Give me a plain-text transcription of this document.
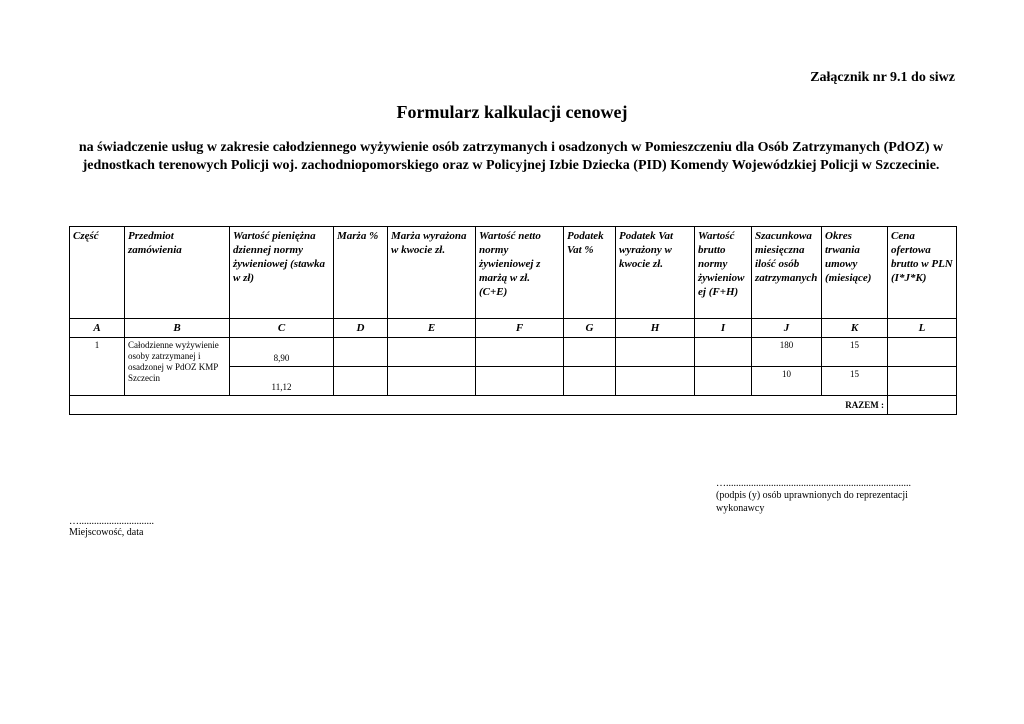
Załącznik nr 9.1 do siwz
Formularz kalkulacji cenowej
na świadczenie usług w zakresie całodziennego wyżywienie osób zatrzymanych i osadzonych w Pomieszczeniu dla Osób Zatrzymanych (PdOZ) w jednostkach terenowych Policji woj. zachodniopomorskiego oraz w Policyjnej Izbie Dziecka (PID) Komendy Wojewódzkiej Policji w Szczecinie.
Część	Przedmiot zamówienia	Wartość pieniężna dziennej normy żywieniowej (stawka w zł)	Marża %	Marża wyrażona w kwocie zł.	Wartość netto normy żywieniowej z marżą w zł. (C+E)	Podatek Vat %	Podatek Vat wyrażony w kwocie zł.	Wartość brutto normy żywieniowej (F+H)	Szacunkowa miesięczna ilość osób zatrzymanych	Okres trwania umowy (miesiące)	Cena ofertowa brutto w PLN (I*J*K)
A	B	C	D	E	F	G	H	I	J	K	L
1	Całodzienne wyżywienie osoby zatrzymanej i osadzonej w PdOZ KMP Szczecin	8,90							180	15	
		11,12							10	15	
RAZEM :											
…..........................................................................
(podpis (y) osób uprawnionych do reprezentacji wykonawcy
…..............................
Miejscowość, data
